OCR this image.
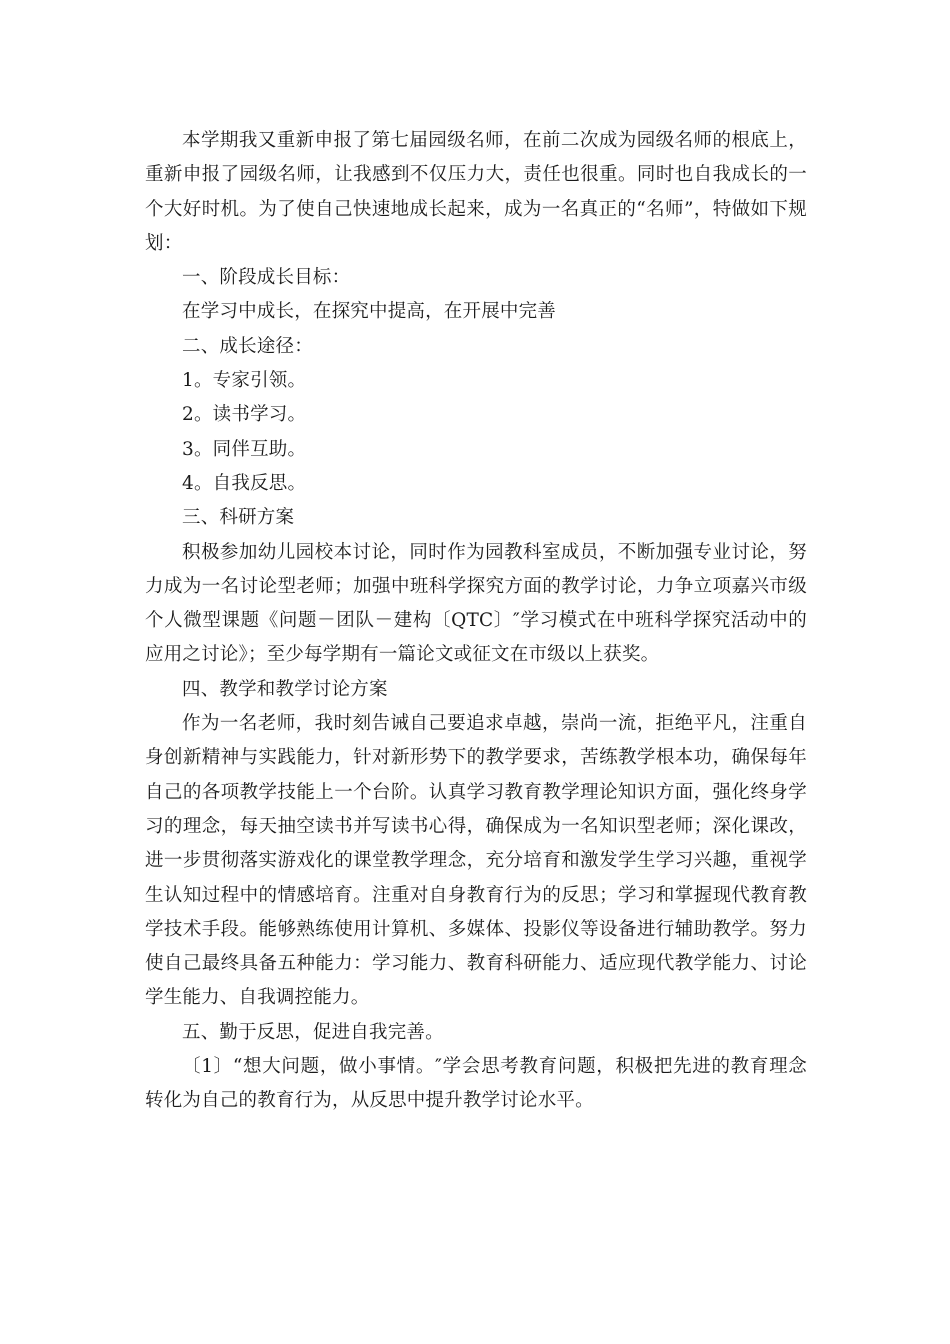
本学期我又重新申报了第七届园级名师，在前二次成为园级名师的根底上，重新申报了园级名师，让我感到不仅压力大，责任也很重。同时也自我成长的一个大好时机。为了使自己快速地成长起来，成为一名真正的“名师”，特做如下规划：

一、阶段成长目标：

在学习中成长，在探究中提高，在开展中完善

二、成长途径：

1。专家引领。

2。读书学习。

3。同伴互助。

4。自我反思。

三、科研方案

积极参加幼儿园校本讨论，同时作为园教科室成员，不断加强专业讨论，努力成为一名讨论型老师；加强中班科学探究方面的教学讨论，力争立项嘉兴市级个人微型课题《问题－团队－建构〔QTC〕″学习模式在中班科学探究活动中的应用之讨论》；至少每学期有一篇论文或征文在市级以上获奖。

四、教学和教学讨论方案

作为一名老师，我时刻告诫自己要追求卓越，崇尚一流，拒绝平凡，注重自身创新精神与实践能力，针对新形势下的教学要求，苦练教学根本功，确保每年自己的各项教学技能上一个台阶。认真学习教育教学理论知识方面，强化终身学习的理念，每天抽空读书并写读书心得，确保成为一名知识型老师；深化课改，进一步贯彻落实游戏化的课堂教学理念，充分培育和激发学生学习兴趣，重视学生认知过程中的情感培育。注重对自身教育行为的反思；学习和掌握现代教育教学技术手段。能够熟练使用计算机、多媒体、投影仪等设备进行辅助教学。努力使自己最终具备五种能力：学习能力、教育科研能力、适应现代教学能力、讨论学生能力、自我调控能力。

五、勤于反思，促进自我完善。

〔1〕“想大问题，做小事情。″学会思考教育问题，积极把先进的教育理念转化为自己的教育行为，从反思中提升教学讨论水平。
